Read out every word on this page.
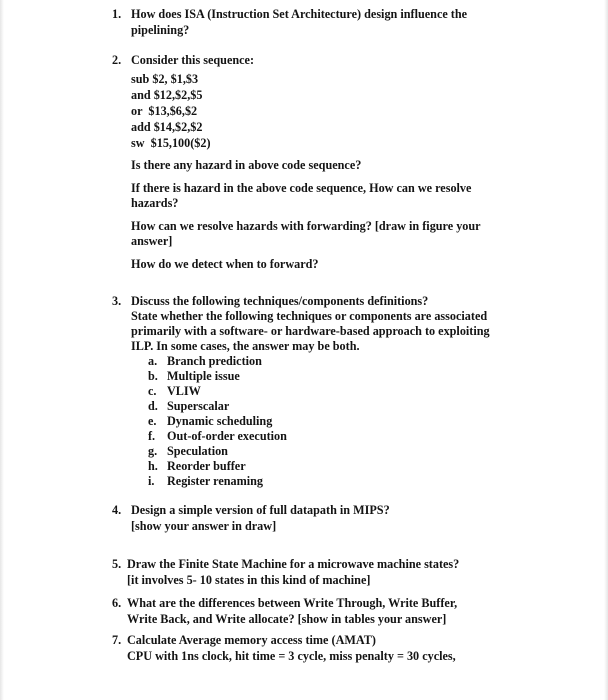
1. How does ISA (Instruction Set Architecture) design influence the
pipelining?
2. Consider this sequence:
sub $2, $1,$3
and $12,$2,$5
or  $13,$6,$2
add $14,$2,$2
sw  $15,100($2)
Is there any hazard in above code sequence?
If there is hazard in the above code sequence, How can we resolve
hazards?
How can we resolve hazards with forwarding? [draw in figure your
answer]
How do we detect when to forward?
3. Discuss the following techniques/components definitions?
State whether the following techniques or components are associated
primarily with a software- or hardware-based approach to exploiting
ILP. In some cases, the answer may be both.
a. Branch prediction
b. Multiple issue
c. VLIW
d. Superscalar
e. Dynamic scheduling
f. Out-of-order execution
g. Speculation
h. Reorder buffer
i. Register renaming
4. Design a simple version of full datapath in MIPS?
[show your answer in draw]
5. Draw the Finite State Machine for a microwave machine states?
[it involves 5- 10 states in this kind of machine]
6. What are the differences between Write Through, Write Buffer,
Write Back, and Write allocate? [show in tables your answer]
7. Calculate Average memory access time (AMAT)
CPU with 1ns clock, hit time = 3 cycle, miss penalty = 30 cycles,
